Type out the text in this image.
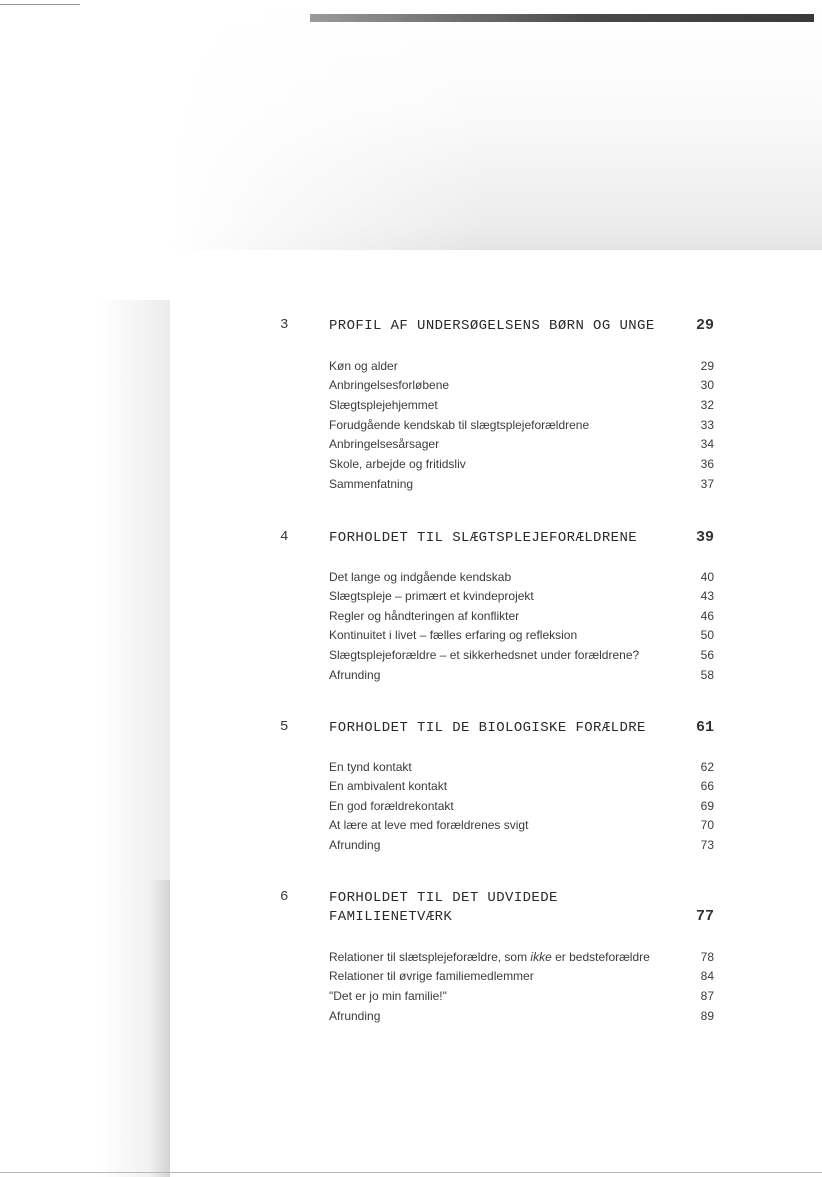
3	PROFIL AF UNDERSØGELSENS BØRN OG UNGE	29
Køn og alder	29
Anbringelsesforløbene	30
Slægtsplejehjemmet	32
Forudgående kendskab til slægtsplejeforældrene	33
Anbringelsesårsager	34
Skole, arbejde og fritidsliv	36
Sammenfatning	37
4	FORHOLDET TIL SLÆGTSPLEJEFORÆLDRENE	39
Det lange og indgående kendskab	40
Slægtspleje – primært et kvindeprojekt	43
Regler og håndteringen af konflikter	46
Kontinuitet i livet – fælles erfaring og refleksion	50
Slægtsplejeforældre – et sikkerhedsnet under forældrene?	56
Afrunding	58
5	FORHOLDET TIL DE BIOLOGISKE FORÆLDRE	61
En tynd kontakt	62
En ambivalent kontakt	66
En god forældrekontakt	69
At lære at leve med forældrenes svigt	70
Afrunding	73
6	FORHOLDET TIL DET UDVIDEDE
FAMILIENETVÆRK	77
Relationer til slætsplejeforældre, som ikke er bedsteforældre	78
Relationer til øvrige familiemedlemmer	84
"Det er jo min familie!"	87
Afrunding	89
